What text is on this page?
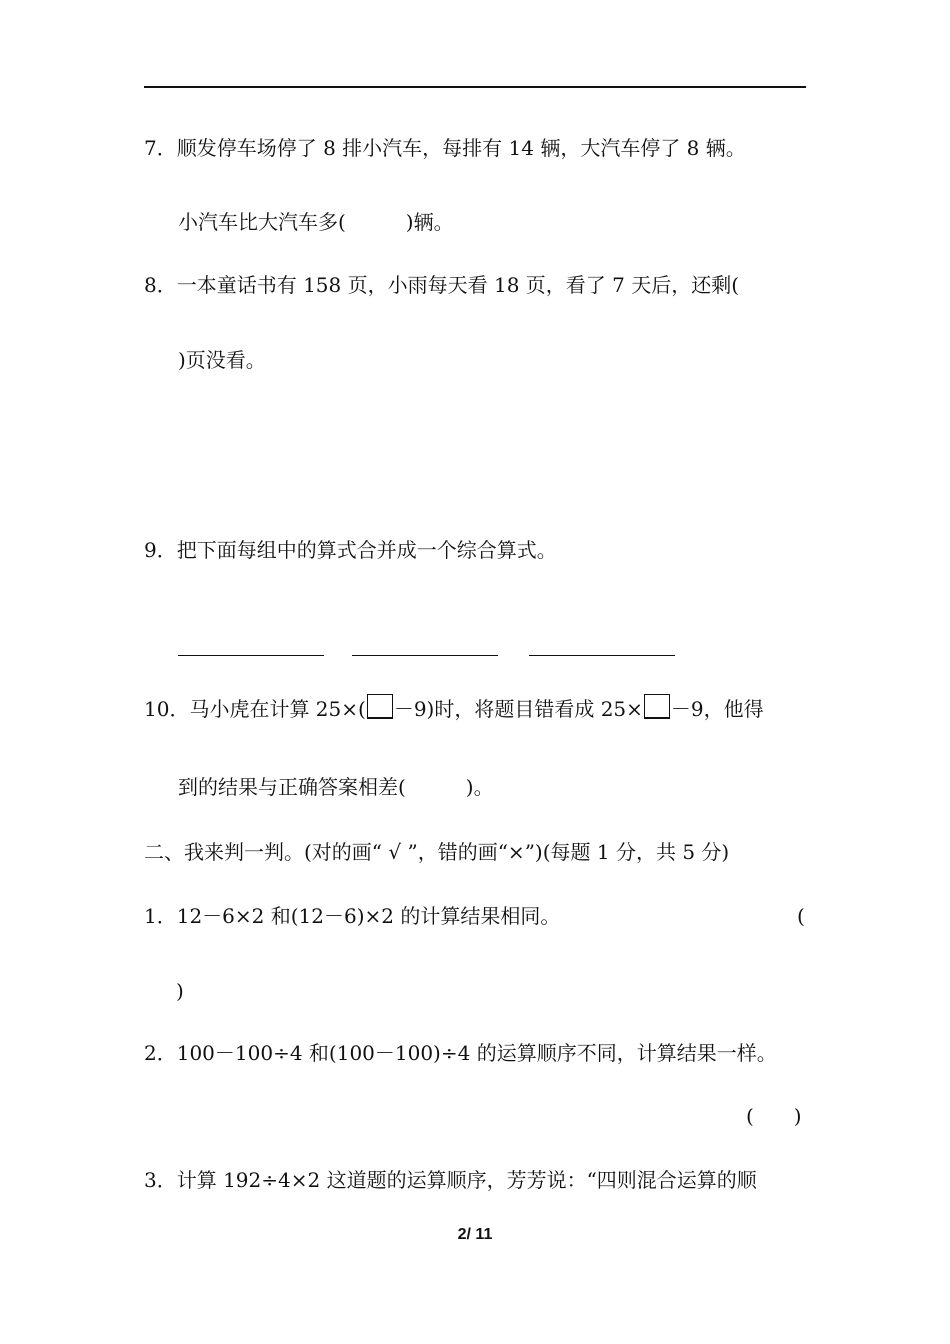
7．顺发停车场停了 8 排小汽车，每排有 14 辆，大汽车停了 8 辆。
小汽车比大汽车多(　　　)辆。
8．一本童话书有 158 页，小雨每天看 18 页，看了 7 天后，还剩(
)页没看。
9．把下面每组中的算式合并成一个综合算式。
10．马小虎在计算 25×( －9)时，将题目错看成 25× －9，他得
到的结果与正确答案相差(　　　)。
二、我来判一判。(对的画“ √ ”，错的画“×”)(每题 1 分，共 5 分)
1．12－6×2 和(12－6)×2 的计算结果相同。	(
)
2．100－100÷4 和(100－100)÷4 的运算顺序不同，计算结果一样。
(　　)
3．计算 192÷4×2 这道题的运算顺序，芳芳说：“四则混合运算的顺
2/ 11
